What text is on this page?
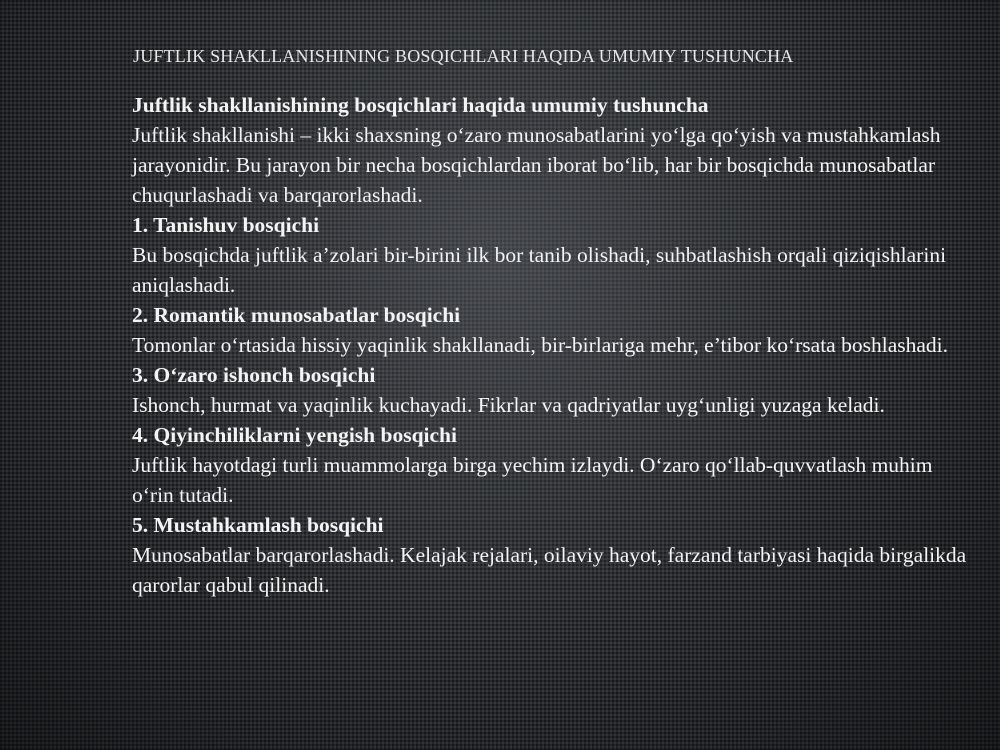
JUFTLIK SHAKLLANISHINING BOSQICHLARI HAQIDA UMUMIY TUSHUNCHA

Juftlik shakllanishining bosqichlari haqida umumiy tushuncha

Juftlik shakllanishi – ikki shaxsning o‘zaro munosabatlarini yo‘lga qo‘yish va mustahkamlash jarayonidir. Bu jarayon bir necha bosqichlardan iborat bo‘lib, har bir bosqichda munosabatlar chuqurlashadi va barqarorlashadi.

1. Tanishuv bosqichi

Bu bosqichda juftlik a’zolari bir-birini ilk bor tanib olishadi, suhbatlashish orqali qiziqishlarini aniqlashadi.

2. Romantik munosabatlar bosqichi

Tomonlar o‘rtasida hissiy yaqinlik shakllanadi, bir-birlariga mehr, e’tibor ko‘rsata boshlashadi.

3. O‘zaro ishonch bosqichi

Ishonch, hurmat va yaqinlik kuchayadi. Fikrlar va qadriyatlar uyg‘unligi yuzaga keladi.

4. Qiyinchiliklarni yengish bosqichi

Juftlik hayotdagi turli muammolarga birga yechim izlaydi. O‘zaro qo‘llab-quvvatlash muhim o‘rin tutadi.

5. Mustahkamlash bosqichi

Munosabatlar barqarorlashadi. Kelajak rejalari, oilaviy hayot, farzand tarbiyasi haqida birgalikda qarorlar qabul qilinadi.
